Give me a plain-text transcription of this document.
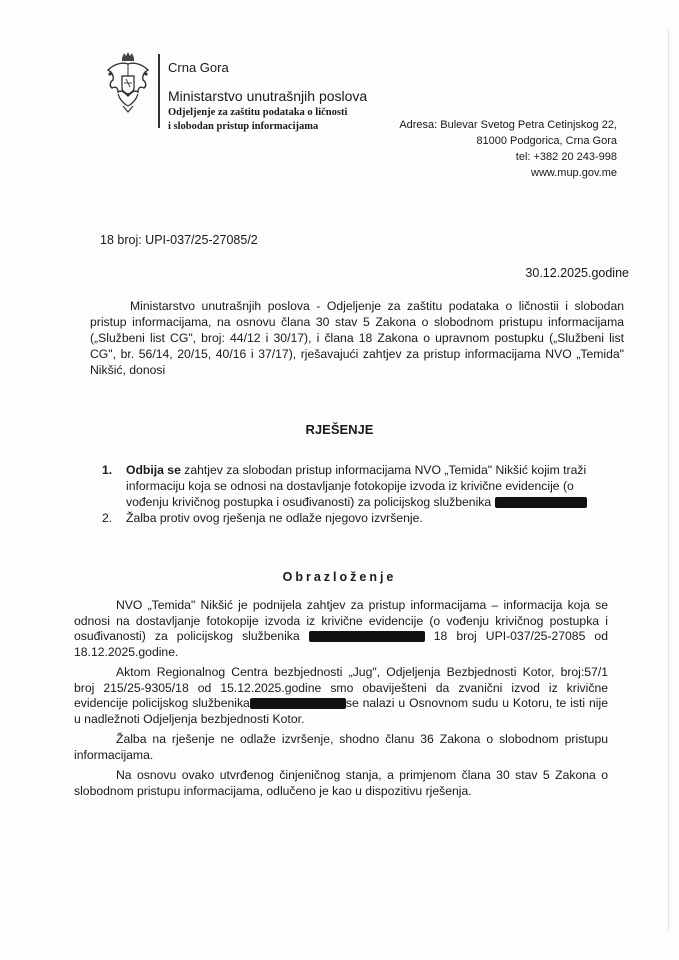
Crna Gora
Ministarstvo unutrašnjih poslova
Odjeljenje za zaštitu podataka o ličnosti
i slobodan pristup informacijama	Adresa: Bulevar Svetog Petra Cetinjskog 22,
81000 Podgorica, Crna Gora
tel: +382 20 243-998
www.mup.gov.me
18 broj: UPI-037/25-27085/2
30.12.2025.godine
Ministarstvo unutrašnjih poslova - Odjeljenje za zaštitu podataka o ličnostii i slobodan pristup informacijama, na osnovu člana 30 stav 5 Zakona o slobodnom pristupu informacijama („Službeni list CG", broj: 44/12 i 30/17), i člana 18 Zakona o upravnom postupku („Službeni list CG", br. 56/14, 20/15, 40/16 i 37/17), rješavajući zahtjev za pristup informacijama NVO „Temida" Nikšić, donosi
RJEŠENJE
1. Odbija se zahtjev za slobodan pristup informacijama NVO „Temida" Nikšić kojim traži informaciju koja se odnosi na dostavljanje fotokopije izvoda iz krivične evidencije (o vođenju krivičnog postupka i osuđivanosti) za policijskog službenika
2. Žalba protiv ovog rješenja ne odlaže njegovo izvršenje.
Obrazloženje

NVO „Temida" Nikšić je podnijela zahtjev za pristup informacijama – informacija koja se odnosi na dostavljanje fotokopije izvoda iz krivične evidencije (o vođenju krivičnog postupka i osuđivanosti) za policijskog službenika	18 broj UPI-037/25-27085 od 18.12.2025.godine.

Aktom Regionalnog Centra bezbjednosti „Jug", Odjeljenja Bezbjednosti Kotor, broj:57/1 broj 215/25-9305/18 od 15.12.2025.godine smo obaviješteni da zvanični izvod iz krivične evidencije policijskog službenika	se nalazi u Osnovnom sudu u Kotoru, te isti nije u nadležnoti Odjeljenja bezbjednosti Kotor.

Žalba na rješenje ne odlaže izvršenje, shodno članu 36 Zakona o slobodnom pristupu informacijama.

Na osnovu ovako utvrđenog činjeničnog stanja, a primjenom člana 30 stav 5 Zakona o slobodnom pristupu informacijama, odlučeno je kao u dispozitivu rješenja.
